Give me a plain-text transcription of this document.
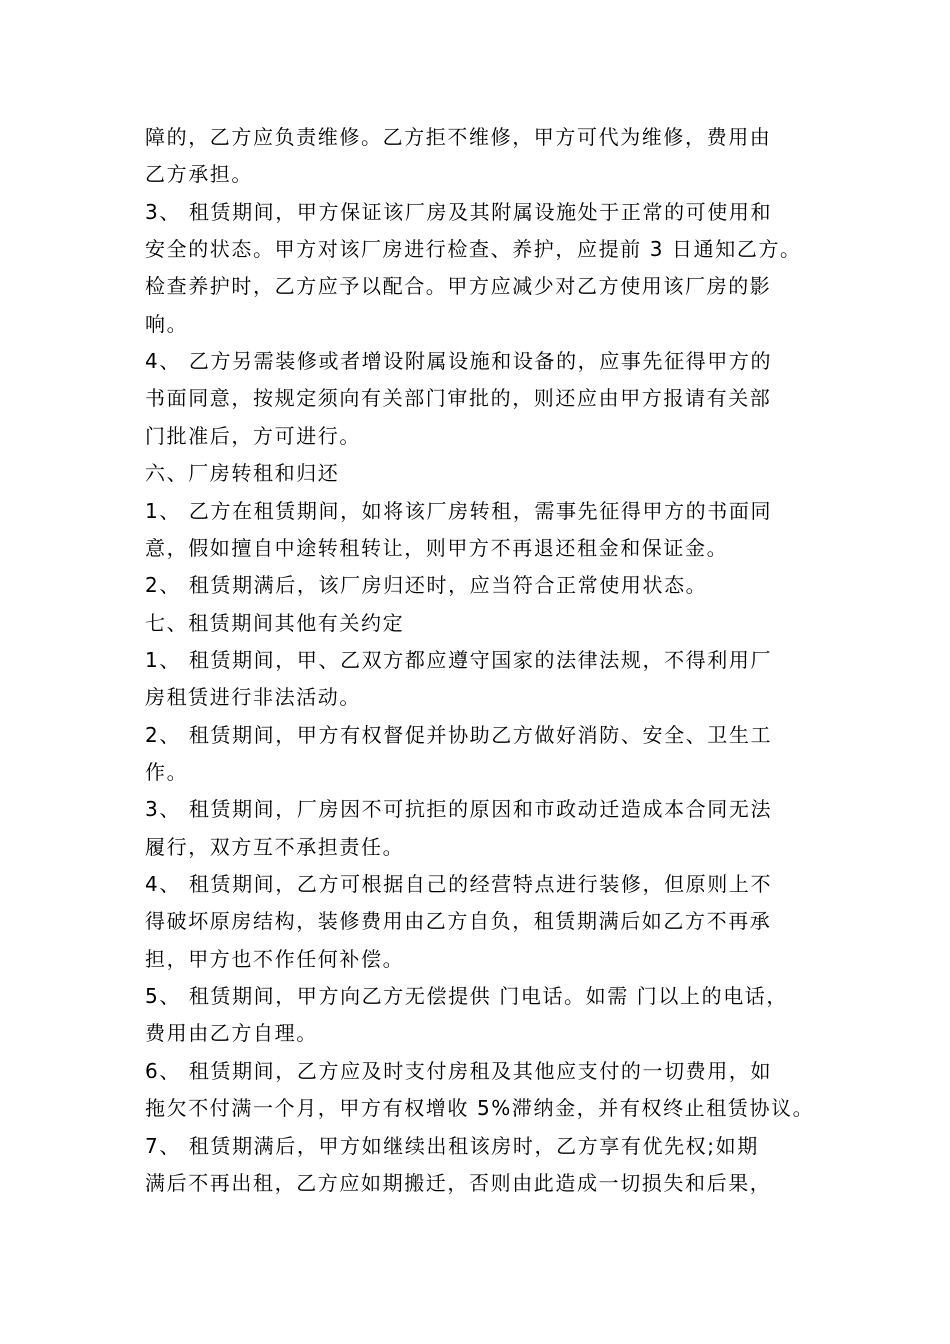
障的，乙方应负责维修。乙方拒不维修，甲方可代为维修，费用由
乙方承担。
3、 租赁期间，甲方保证该厂房及其附属设施处于正常的可使用和
安全的状态。甲方对该厂房进行检查、养护，应提前 3 日通知乙方。
检查养护时，乙方应予以配合。甲方应减少对乙方使用该厂房的影
响。
4、 乙方另需装修或者增设附属设施和设备的，应事先征得甲方的
书面同意，按规定须向有关部门审批的，则还应由甲方报请有关部
门批准后，方可进行。
六、厂房转租和归还
1、 乙方在租赁期间，如将该厂房转租，需事先征得甲方的书面同
意，假如擅自中途转租转让，则甲方不再退还租金和保证金。
2、 租赁期满后，该厂房归还时，应当符合正常使用状态。
七、租赁期间其他有关约定
1、 租赁期间，甲、乙双方都应遵守国家的法律法规，不得利用厂
房租赁进行非法活动。
2、 租赁期间，甲方有权督促并协助乙方做好消防、安全、卫生工
作。
3、 租赁期间，厂房因不可抗拒的原因和市政动迁造成本合同无法
履行，双方互不承担责任。
4、 租赁期间，乙方可根据自己的经营特点进行装修，但原则上不
得破坏原房结构，装修费用由乙方自负，租赁期满后如乙方不再承
担，甲方也不作任何补偿。
5、 租赁期间，甲方向乙方无偿提供 门电话。如需 门以上的电话，
费用由乙方自理。
6、 租赁期间，乙方应及时支付房租及其他应支付的一切费用，如
拖欠不付满一个月，甲方有权增收 5%滞纳金，并有权终止租赁协议。
7、 租赁期满后，甲方如继续出租该房时，乙方享有优先权;如期
满后不再出租，乙方应如期搬迁，否则由此造成一切损失和后果，
